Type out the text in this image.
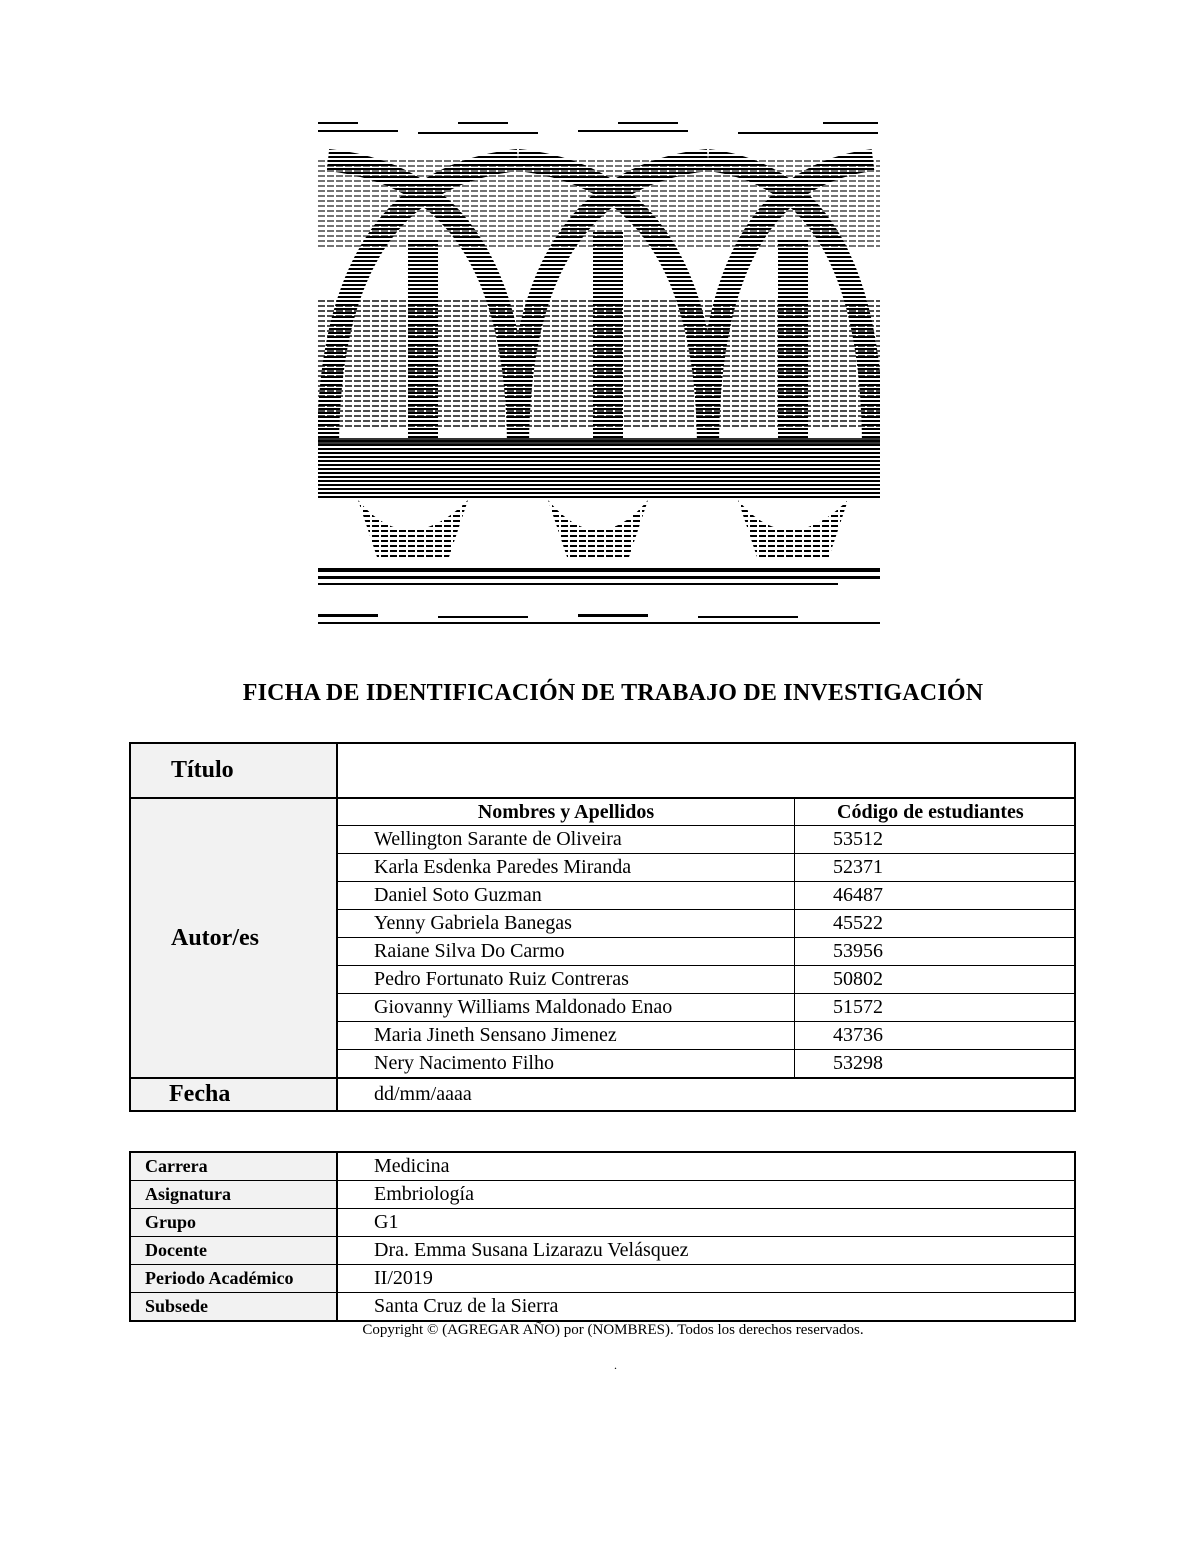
FICHA DE IDENTIFICACIÓN DE TRABAJO DE INVESTIGACIÓN
Título		
Autor/es	Nombres y Apellidos	Código de estudiantes
	Wellington Sarante de Oliveira	53512
	Karla Esdenka Paredes Miranda	52371
	Daniel Soto Guzman	46487
	Yenny Gabriela Banegas	45522
	Raiane Silva Do Carmo	53956
	Pedro Fortunato Ruiz Contreras	50802
	Giovanny Williams Maldonado Enao	51572
	Maria Jineth Sensano Jimenez	43736
	Nery Nacimento Filho	53298
Fecha	dd/mm/aaaa	
Carrera	Medicina
Asignatura	Embriología
Grupo	G1
Docente	Dra. Emma Susana Lizarazu Velásquez
Periodo Académico	II/2019
Subsede	Santa Cruz de la Sierra
Copyright © (AGREGAR AÑO) por (NOMBRES). Todos los derechos reservados.
.
